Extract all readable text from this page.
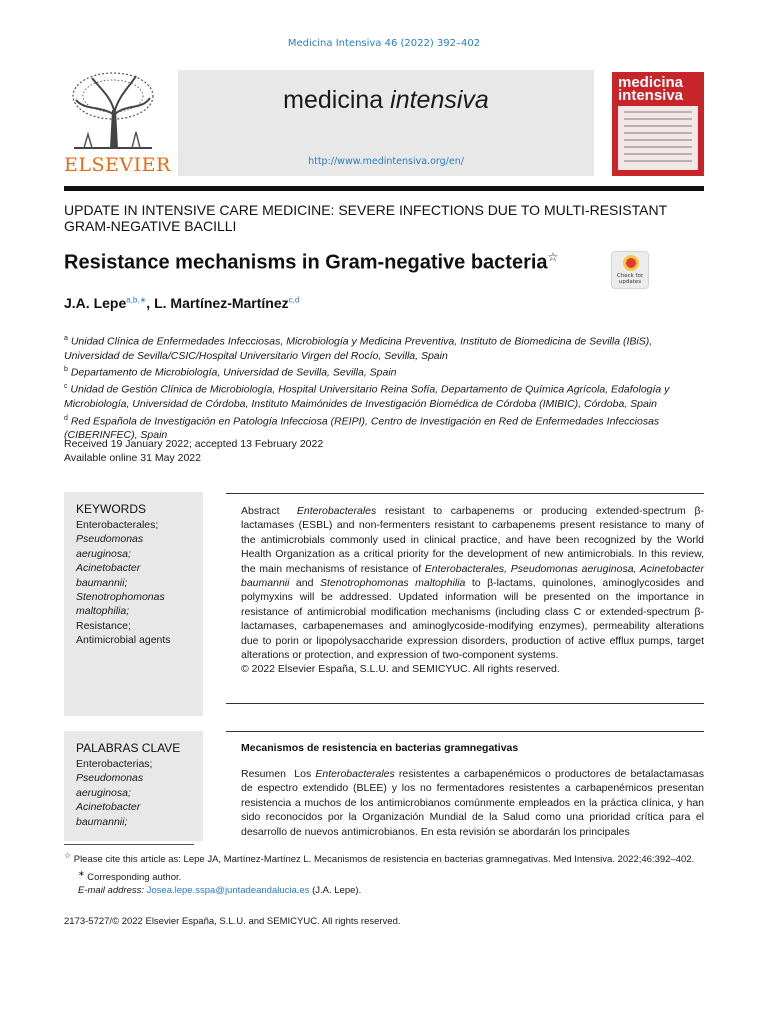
Medicina Intensiva 46 (2022) 392–402
ELSEVIER
medicina intensiva
http://www.medintensiva.org/en/
medicina
intensiva
UPDATE IN INTENSIVE CARE MEDICINE: SEVERE INFECTIONS DUE TO MULTI-RESISTANT GRAM-NEGATIVE BACILLI
Resistance mechanisms in Gram-negative bacteria☆
Check for updates
J.A. Lepe$^{a,b,∗}$, L. Martínez-Martínez$^{c,d}$
$^a$ Unidad Clínica de Enfermedades Infecciosas, Microbiología y Medicina Preventiva, Instituto de Biomedicina de Sevilla (IBiS), Universidad de Sevilla/CSIC/Hospital Universitario Virgen del Rocío, Sevilla, Spain
$^b$ Departamento de Microbiología, Universidad de Sevilla, Sevilla, Spain
$^c$ Unidad de Gestión Clínica de Microbiología, Hospital Universitario Reina Sofía, Departamento de Química Agrícola, Edafología y Microbiología, Universidad de Córdoba, Instituto Maimónides de Investigación Biomédica de Córdoba (IMIBIC), Córdoba, Spain
$^d$ Red Española de Investigación en Patología Infecciosa (REIPI), Centro de Investigación en Red de Enfermedades Infecciosas (CIBERINFEC), Spain
Received 19 January 2022; accepted 13 February 2022
Available online 31 May 2022
KEYWORDS
Enterobacterales;
Pseudomonas
aeruginosa;
Acinetobacter
baumannii;
Stenotrophomonas
maltophilia;
Resistance;
Antimicrobial agents

Abstract Enterobacterales resistant to carbapenems or producing extended-spectrum β-lactamases (ESBL) and non-fermenters resistant to carbapenems present resistance to many of the antimicrobials commonly used in clinical practice, and have been recognized by the World Health Organization as a critical priority for the development of new antimicrobials. In this review, the main mechanisms of resistance of Enterobacterales, Pseudomonas aeruginosa, Acinetobacter baumannii and Stenotrophomonas maltophilia to β-lactams, quinolones, aminoglycosides and polymyxins will be addressed. Updated information will be presented on the importance in resistance of antimicrobial modification mechanisms (including class C or extended-spectrum β-lactamases, carbapenemases and aminoglycoside-modifying enzymes), permeability alterations due to porin or lipopolysaccharide expression disorders, production of active efflux pumps, target alterations or protection, and expression of two-component systems.

© 2022 Elsevier España, S.L.U. and SEMICYUC. All rights reserved.

PALABRAS CLAVE
Enterobacterias;
Pseudomonas
aeruginosa;
Acinetobacter
baumannii;
Mecanismos de resistencia en bacterias gramnegativas
Resumen Los Enterobacterales resistentes a carbapenémicos o productores de betalactamasas de espectro extendido (BLEE) y los no fermentadores resistentes a carbapenémicos presentan resistencia a muchos de los antimicrobianos comúnmente empleados en la práctica clínica, y han sido reconocidos por la Organización Mundial de la Salud como una prioridad crítica para el desarrollo de nuevos antimicrobianos. En esta revisión se abordarán los principales
☆ Please cite this article as: Lepe JA, Martínez-Martínez L. Mecanismos de resistencia en bacterias gramnegativas. Med Intensiva. 2022;46:392–402.
∗ Corresponding author.
E-mail address: Josea.lepe.sspa@juntadeandalucia.es (J.A. Lepe).
2173-5727/© 2022 Elsevier España, S.L.U. and SEMICYUC. All rights reserved.
